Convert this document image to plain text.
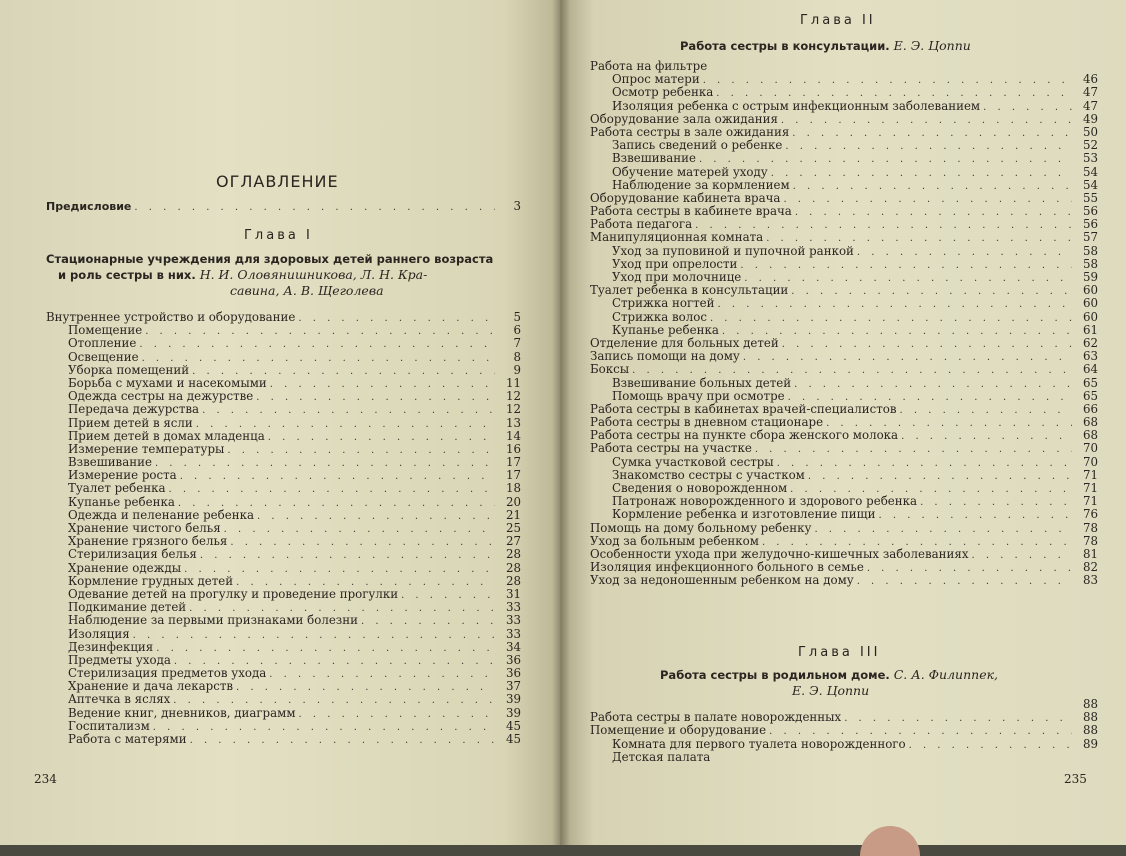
ОГЛАВЛЕНИЕ
Предисловие . . .	3
Глава I
Стационарные учреждения для здоровых детей раннего возраста
и роль сестры в них. Н. И. Оловянишникова, Л. Н. Кра-
савина, А. В. Щеголева
Внутреннее устройство и оборудование . . .	5
Помещение . . .	6
Отопление . . .	7
Освещение . . .	8
Уборка помещений . . .	9
Борьба с мухами и насекомыми . . .	11
Одежда сестры на дежурстве . . .	12
Передача дежурства . . .	12
Прием детей в ясли . . .	13
Прием детей в домах младенца . . .	14
Измерение температуры . . .	16
Взвешивание . . .	17
Измерение роста . . .	17
Туалет ребенка . . .	18
Купанье ребенка . . .	20
Одежда и пеленание ребенка . . .	21
Хранение чистого белья . . .	25
Хранение грязного белья . . .	27
Стерилизация белья . . .	28
Хранение одежды . . .	28
Кормление грудных детей . . .	28
Одевание детей на прогулку и проведение прогулки . . .	31
Подкимание детей . . .	33
Наблюдение за первыми признаками болезни . . .	33
Изоляция . . .	33
Дезинфекция . . .	34
Предметы ухода . . .	36
Стерилизация предметов ухода . . .	36
Хранение и дача лекарств . . .	37
Аптечка в яслях . . .	39
Ведение книг, дневников, диаграмм . . .	39
Госпитализм . . .	45
Работа с матерями . . .	45
234
Глава II
Работа сестры в консультации. Е. Э. Цоппи
Работа на фильтре
Опрос матери . . .	46
Осмотр ребенка . . .	47
Изоляция ребенка с острым инфекционным заболеванием . . .	47
Оборудование зала ожидания . . .	49
Работа сестры в зале ожидания . . .	50
Запись сведений о ребенке . . .	52
Взвешивание . . .	53
Обучение матерей уходу . . .	54
Наблюдение за кормлением . . .	54
Оборудование кабинета врача . . .	55
Работа сестры в кабинете врача . . .	56
Работа педагога . . .	56
Манипуляционная комната . . .	57
Уход за пуповиной и пупочной ранкой . . .	58
Уход при опрелости . . .	58
Уход при молочнице . . .	59
Туалет ребенка в консультации . . .	60
Стрижка ногтей . . .	60
Стрижка волос . . .	60
Купанье ребенка . . .	61
Отделение для больных детей . . .	62
Запись помощи на дому . . .	63
Боксы . . .	64
Взвешивание больных детей . . .	65
Помощь врачу при осмотре . . .	65
Работа сестры в кабинетах врачей-специалистов . . .	66
Работа сестры в дневном стационаре . . .	68
Работа сестры на пункте сбора женского молока . . .	68
Работа сестры на участке . . .	70
Сумка участковой сестры . . .	70
Знакомство сестры с участком . . .	71
Сведения о новорожденном . . .	71
Патронаж новорожденного и здорового ребенка . . .	71
Кормление ребенка и изготовление пищи . . .	76
Помощь на дому больному ребенку . . .	78
Уход за больным ребенком . . .	78
Особенности ухода при желудочно-кишечных заболеваниях . . .	81
Изоляция инфекционного больного в семье . . .	82
Уход за недоношенным ребенком на дому . . .	83
Глава III
Работа сестры в родильном доме. С. А. Филиппек,
Е. Э. Цоппи
88
Работа сестры в палате новорожденных . . .	88
Помещение и оборудование . . .	88
Комната для первого туалета новорожденного . . .	89
Детская палата
235
